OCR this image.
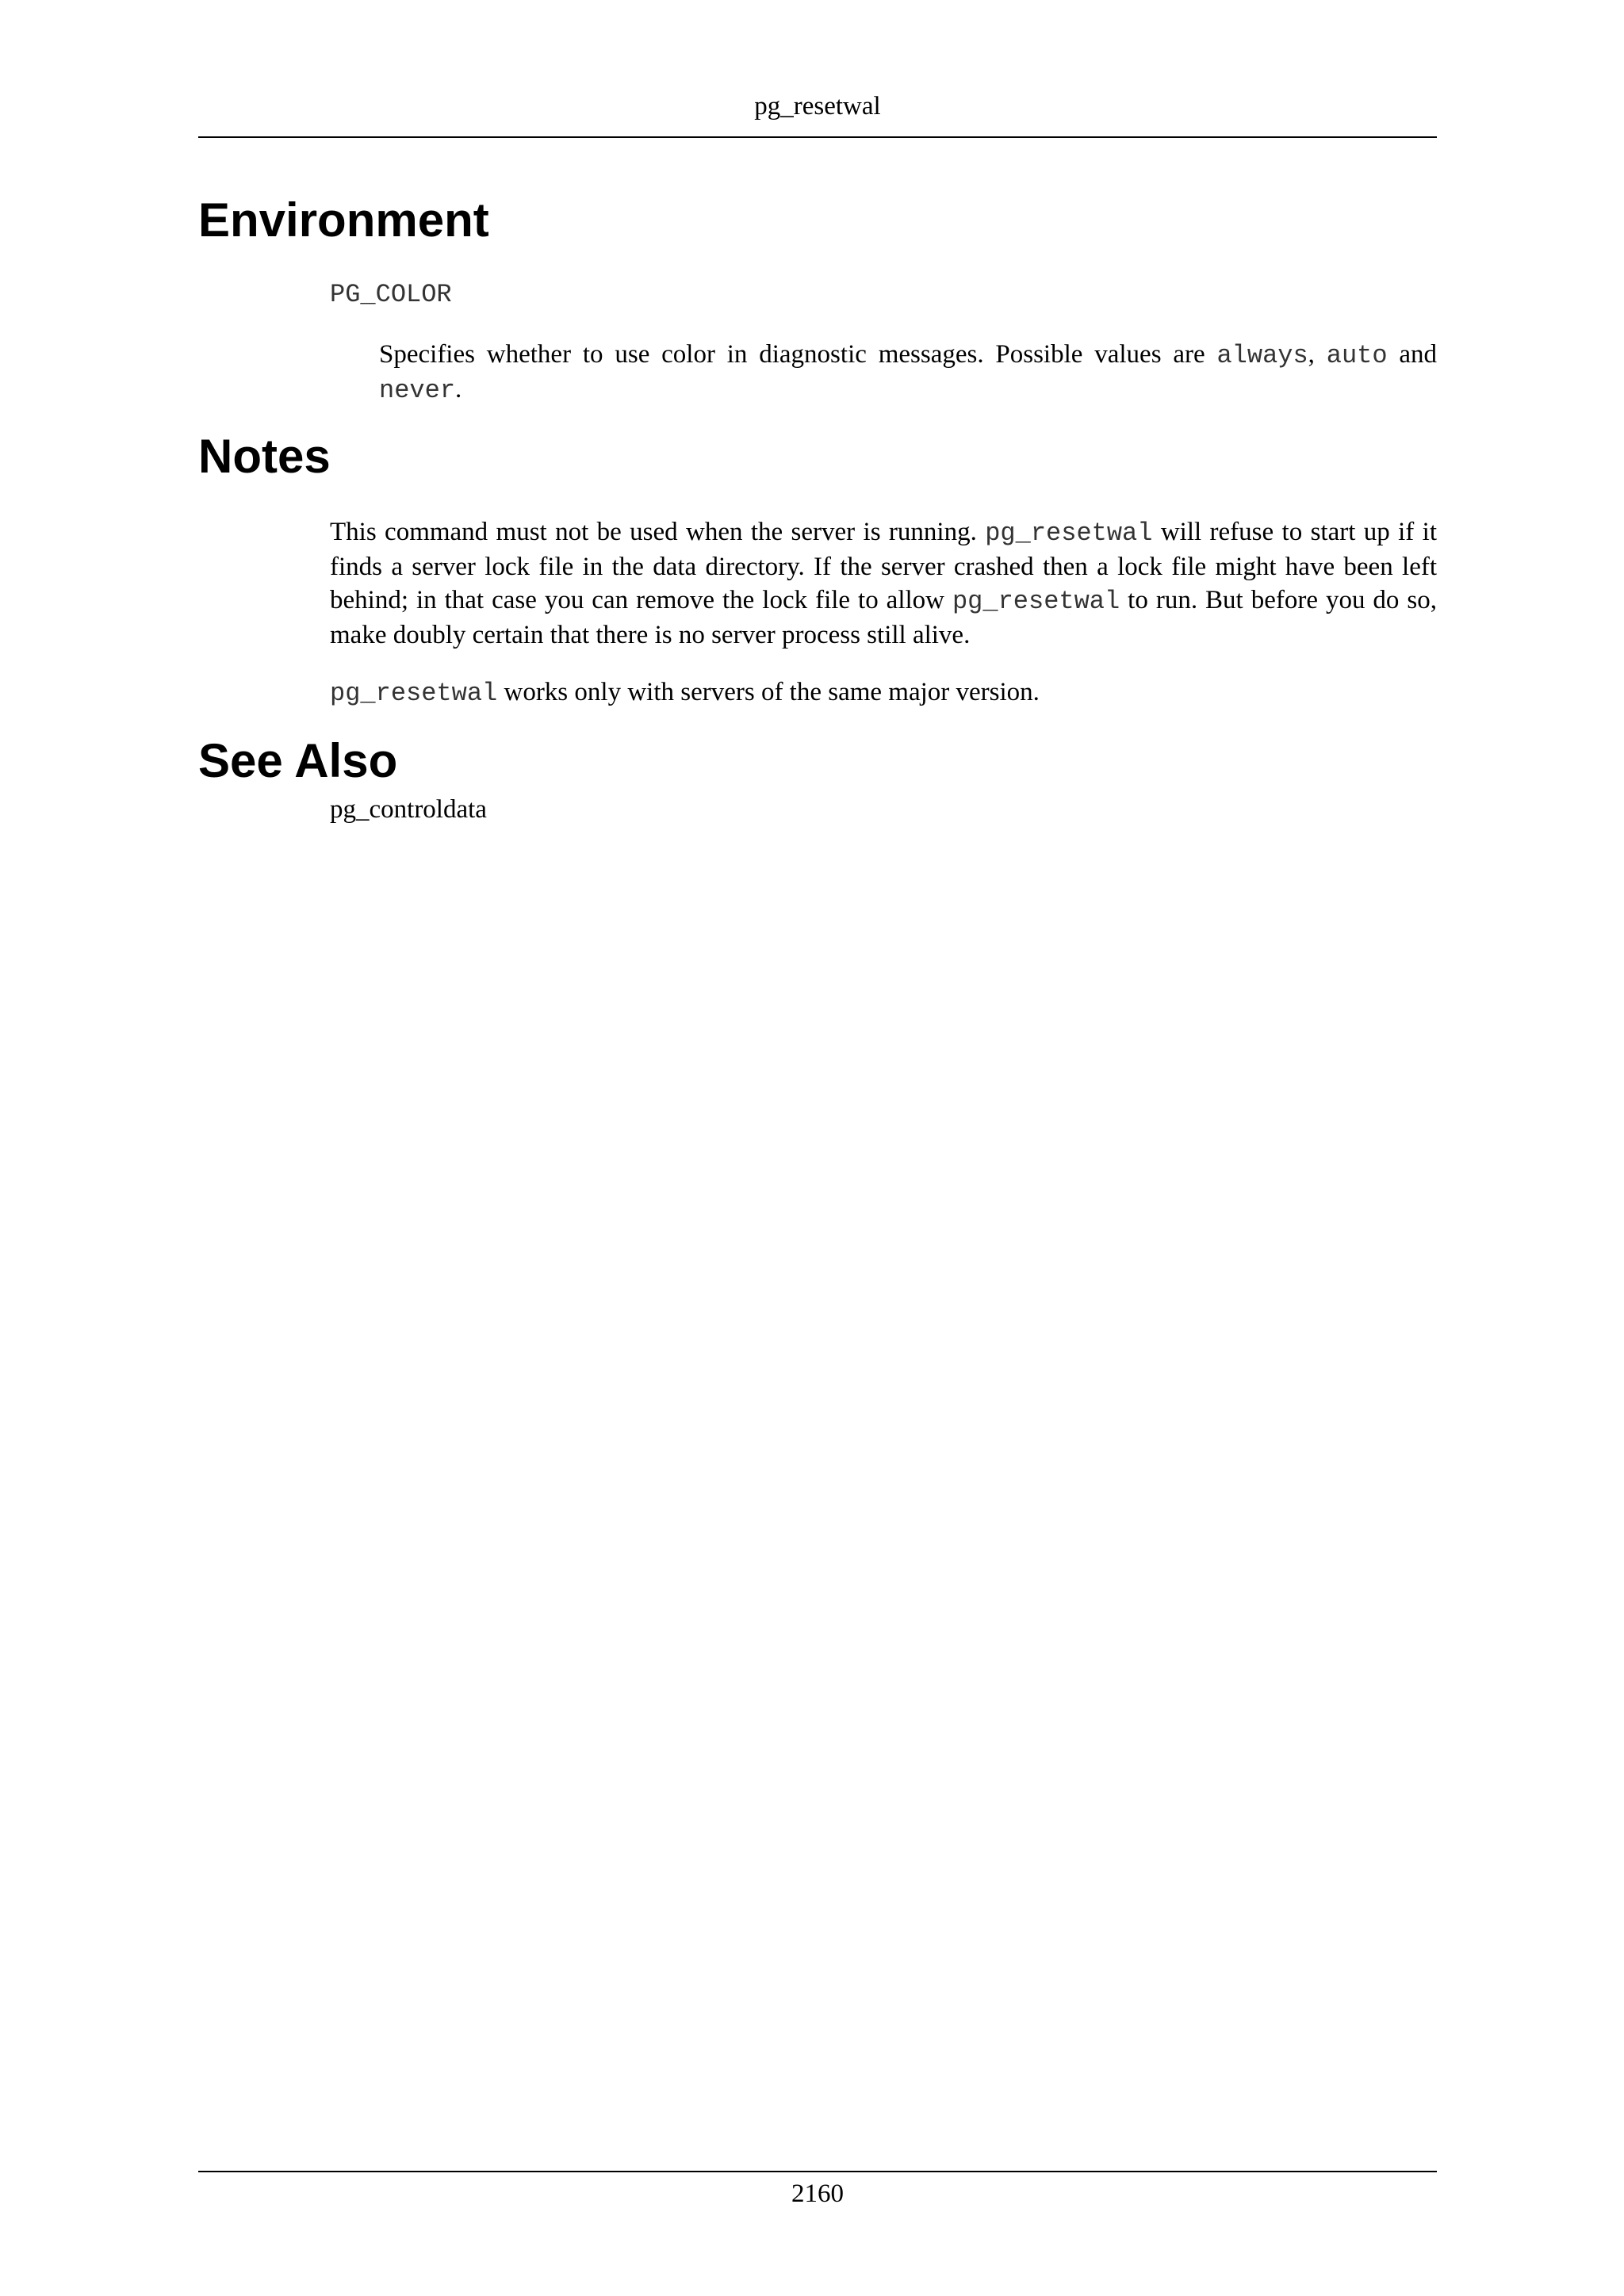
pg_resetwal
Environment
PG_COLOR

Specifies whether to use color in diagnostic messages. Possible values are always, auto and never.

Notes

This command must not be used when the server is running. pg_resetwal will refuse to start up if it finds a server lock file in the data directory. If the server crashed then a lock file might have been left behind; in that case you can remove the lock file to allow pg_resetwal to run. But before you do so, make doubly certain that there is no server process still alive.

pg_resetwal works only with servers of the same major version.

See Also
pg_controldata
2160
